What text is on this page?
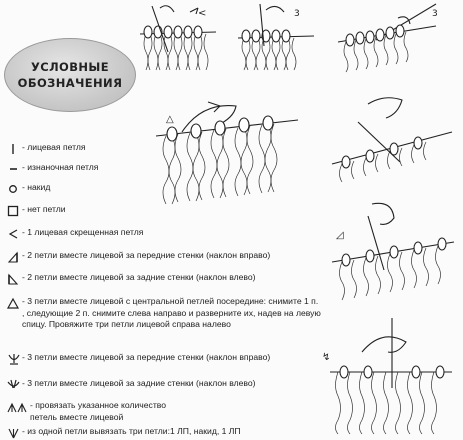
УСЛОВНЫЕ
ОБОЗНАЧЕНИЯ
<	3	3
△
◿
↯
- лицевая петля
- изнаночная петля
- накид
- нет петли
- 1 лицевая скрещенная петля
- 2 петли вместе лицевой за передние стенки (наклон вправо)
- 2 петли вместе лицевой за задние стенки (наклон влево)
- 3 петли вместе лицевой с центральной петлей посередине: снимите 1 п. , следующие 2 п. снимите слева направо и разверните их, надев на левую спицу. Провяжите три петли лицевой справа налево
- 3 петли вместе лицевой за передние стенки (наклон вправо)
- 3 петли вместе лицевой за задние стенки (наклон влево)
- провязать указанное количество петель вместе лицевой
- из одной петли вывязать три петли:1 ЛП, накид, 1 ЛП
